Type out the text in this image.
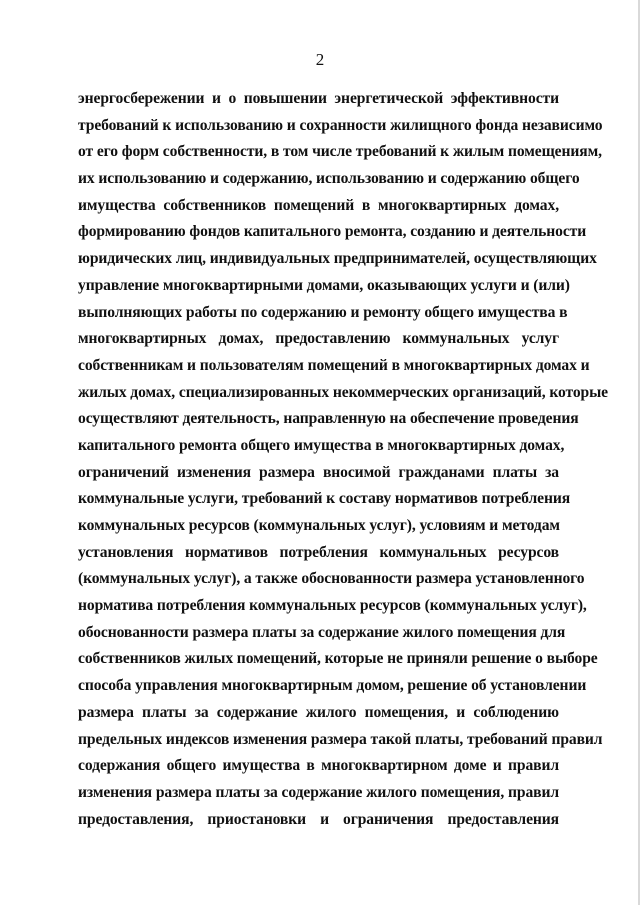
2
энергосбережении и о повышении энергетической эффективности
требований к использованию и сохранности жилищного фонда независимо
от его форм собственности, в том числе требований к жилым помещениям,
их использованию и содержанию, использованию и содержанию общего
имущества собственников помещений в многоквартирных домах,
формированию фондов капитального ремонта, созданию и деятельности
юридических лиц, индивидуальных предпринимателей, осуществляющих
управление многоквартирными домами, оказывающих услуги и (или)
выполняющих работы по содержанию и ремонту общего имущества в
многоквартирных домах, предоставлению коммунальных услуг
собственникам и пользователям помещений в многоквартирных домах и
жилых домах, специализированных некоммерческих организаций, которые
осуществляют деятельность, направленную на обеспечение проведения
капитального ремонта общего имущества в многоквартирных домах,
ограничений изменения размера вносимой гражданами платы за
коммунальные услуги, требований к составу нормативов потребления
коммунальных ресурсов (коммунальных услуг), условиям и методам
установления нормативов потребления коммунальных ресурсов
(коммунальных услуг), а также обоснованности размера установленного
норматива потребления коммунальных ресурсов (коммунальных услуг),
обоснованности размера платы за содержание жилого помещения для
собственников жилых помещений, которые не приняли решение о выборе
способа управления многоквартирным домом, решение об установлении
размера платы за содержание жилого помещения, и соблюдению
предельных индексов изменения размера такой платы, требований правил
содержания общего имущества в многоквартирном доме и правил
изменения размера платы за содержание жилого помещения, правил
предоставления, приостановки и ограничения предоставления
